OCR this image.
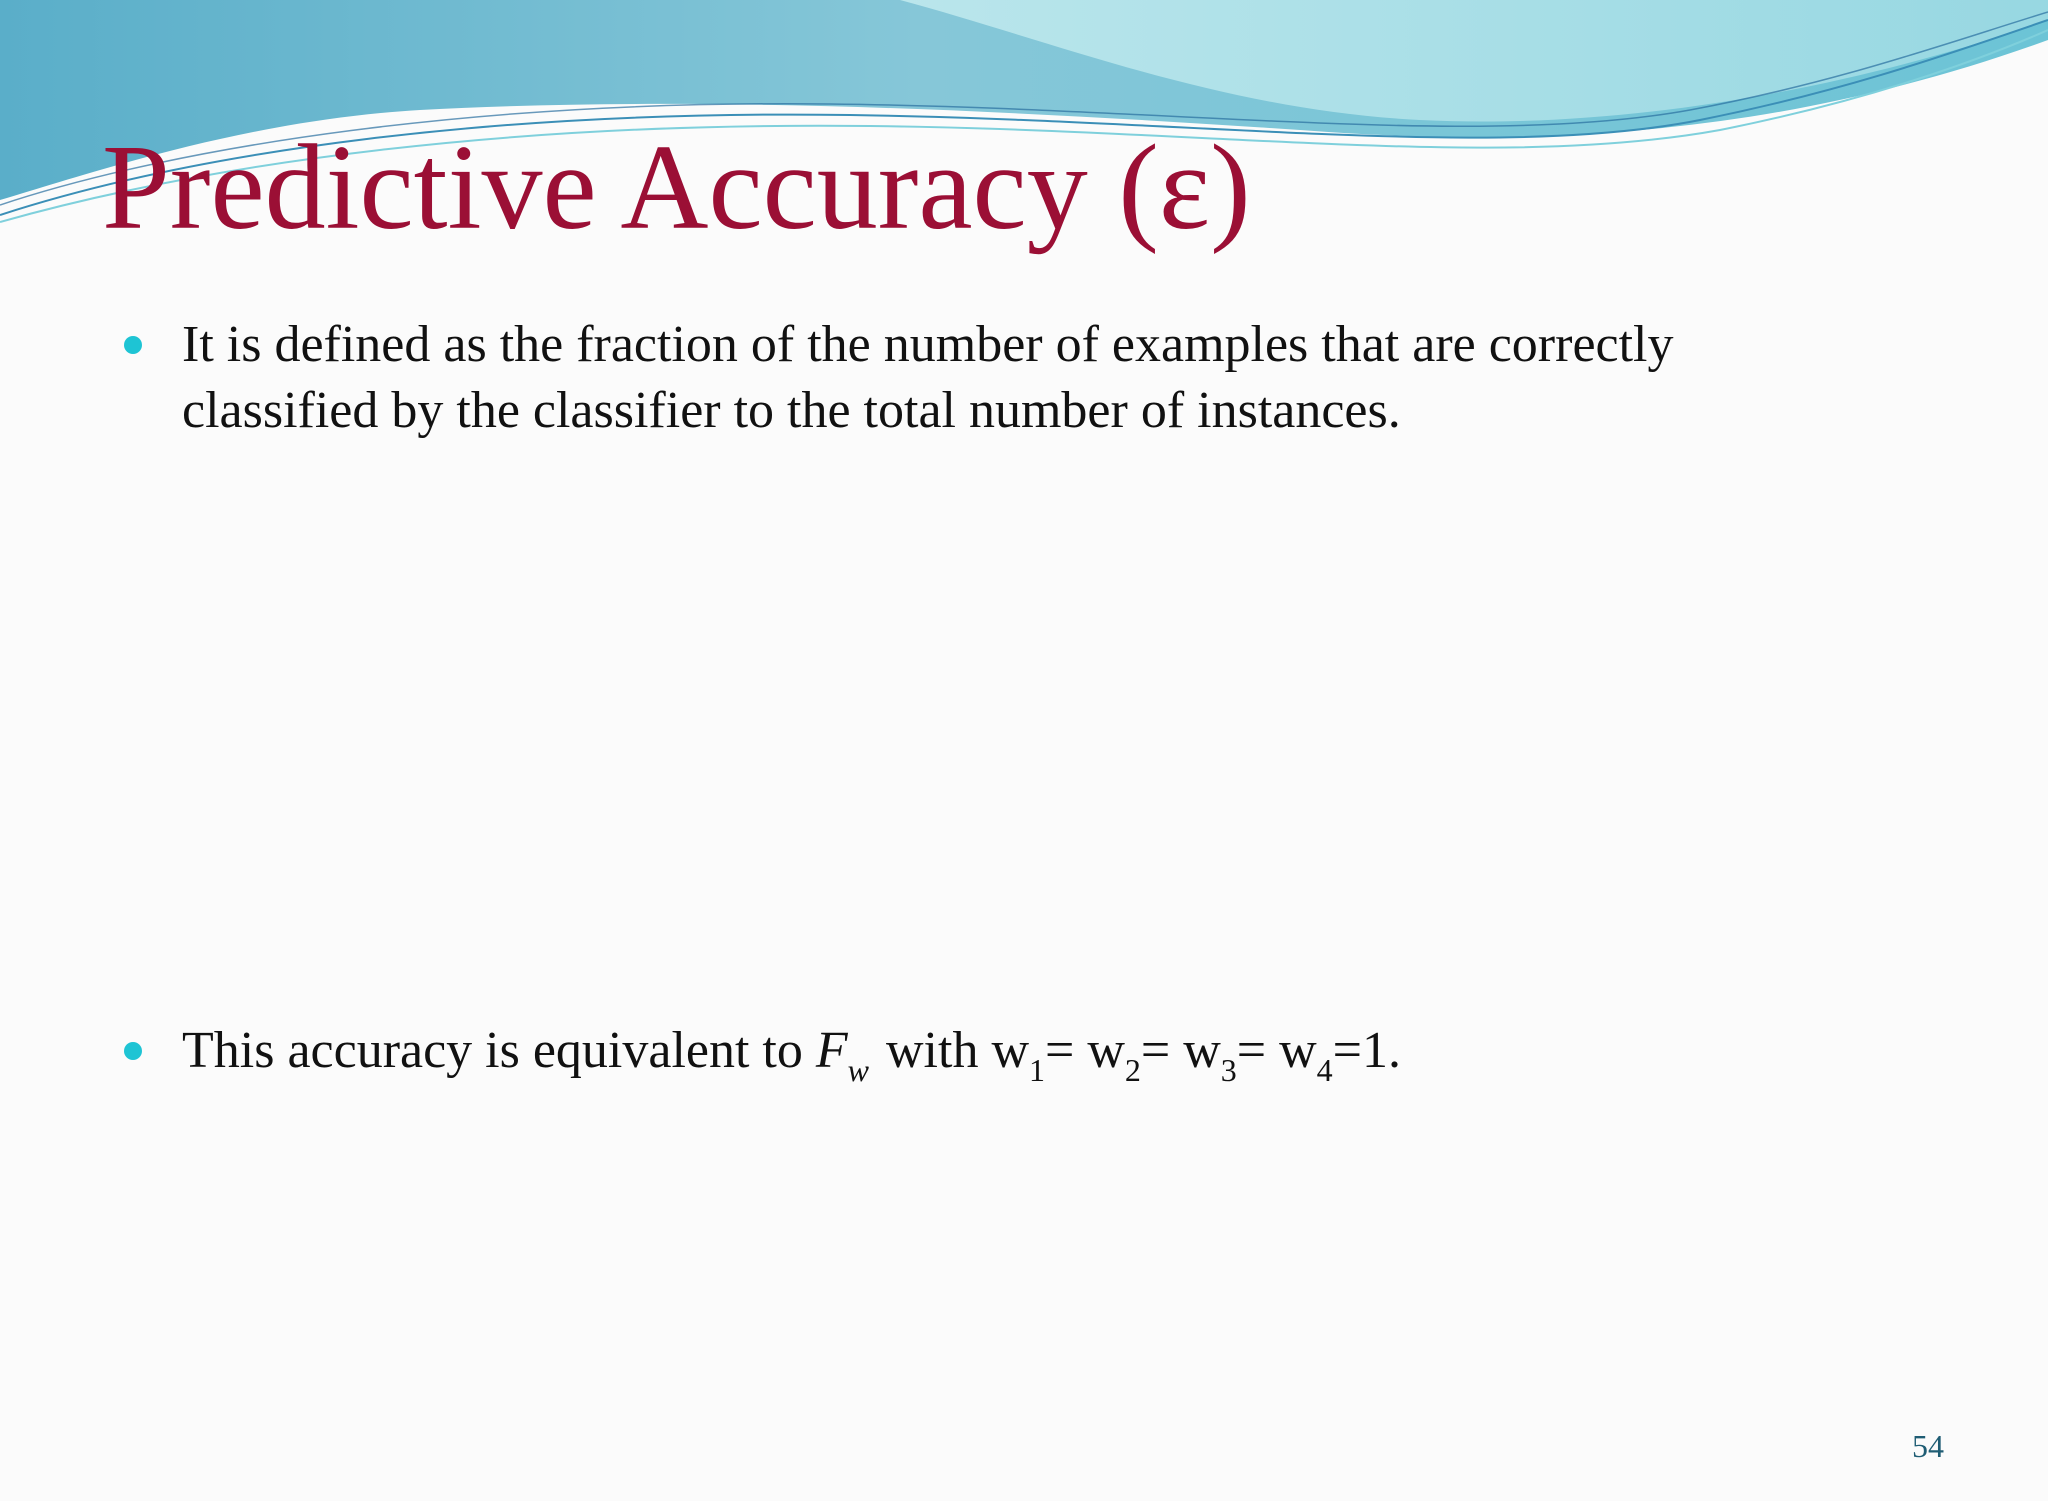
Predictive Accuracy (ε)
It is defined as the fraction of the number of examples that are correctly classified by the classifier to the total number of instances.
This accuracy is equivalent to $F_w$ with $w_1= w_2= w_3= w_4=1$.
54
